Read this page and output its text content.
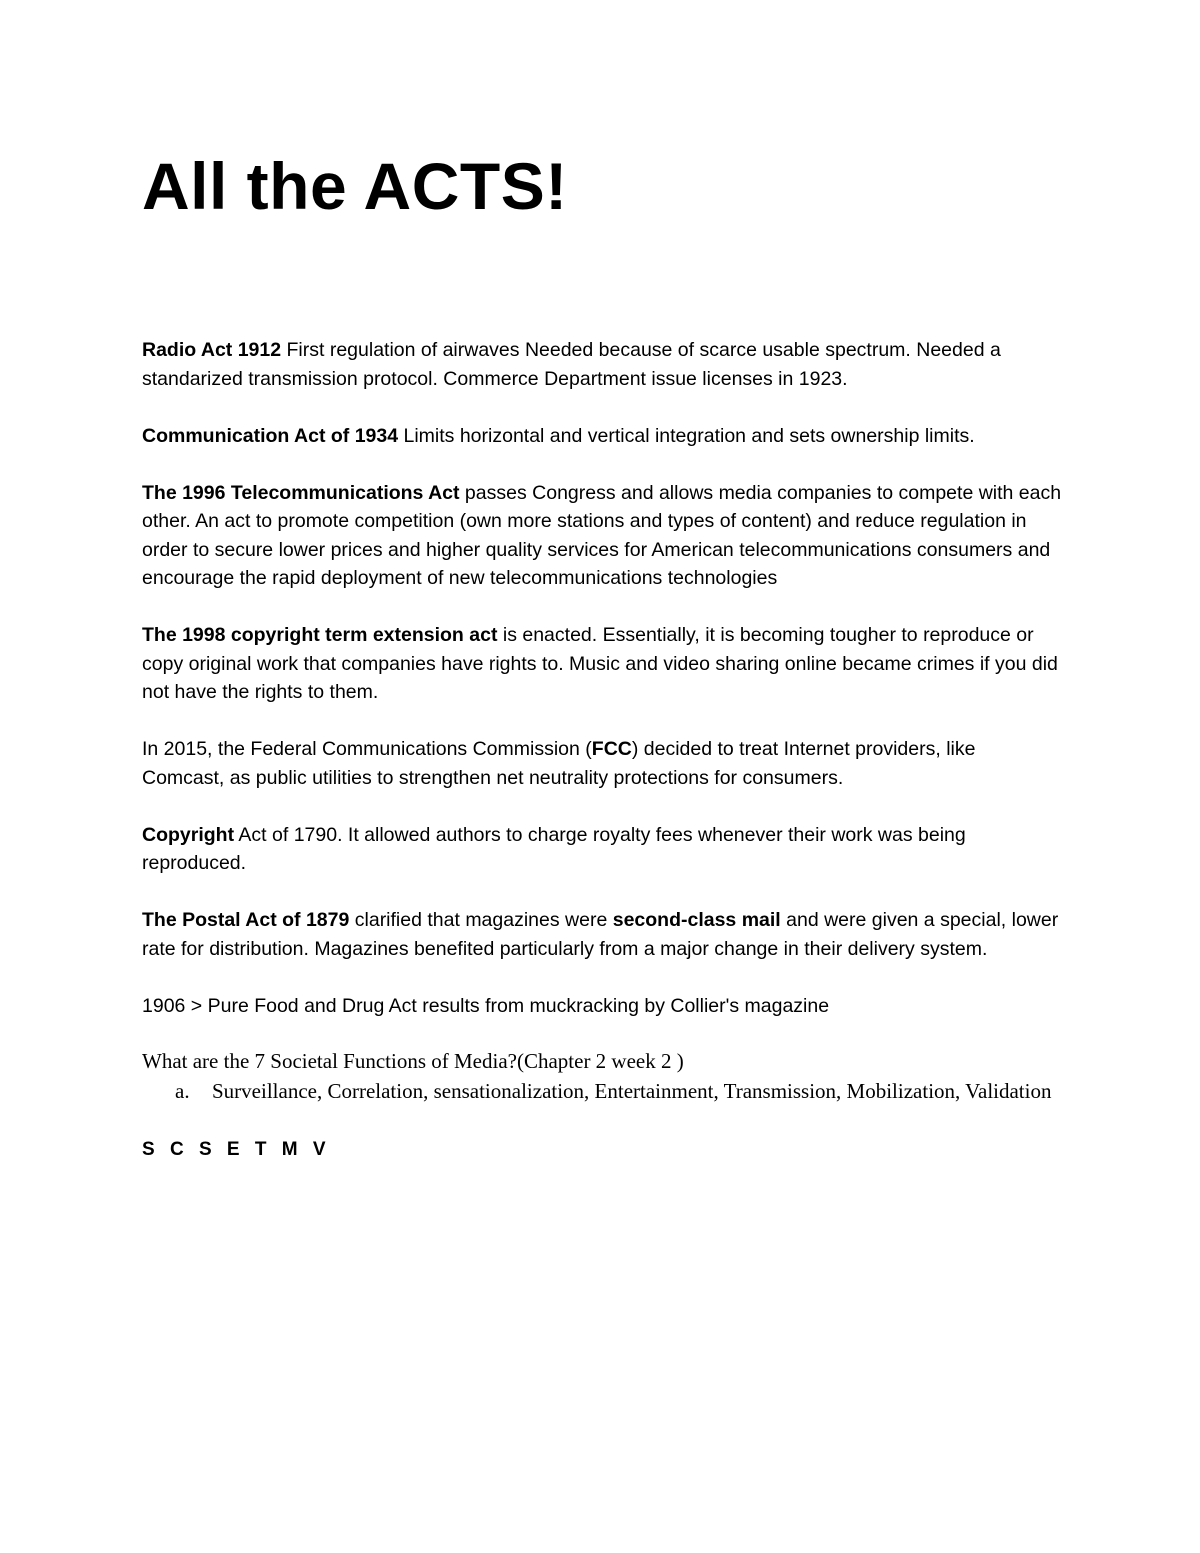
All the ACTS!

Radio Act 1912 First regulation of airwaves Needed because of scarce usable spectrum. Needed a standarized transmission protocol. Commerce Department issue licenses in 1923.

Communication Act of 1934 Limits horizontal and vertical integration and sets ownership limits.

The 1996 Telecommunications Act passes Congress and allows media companies to compete with each other. An act to promote competition (own more stations and types of content) and reduce regulation in order to secure lower prices and higher quality services for American telecommunications consumers and encourage the rapid deployment of new telecommunications technologies

The 1998 copyright term extension act is enacted. Essentially, it is becoming tougher to reproduce or copy original work that companies have rights to. Music and video sharing online became crimes if you did not have the rights to them.

In 2015, the Federal Communications Commission (FCC) decided to treat Internet providers, like Comcast, as public utilities to strengthen net neutrality protections for consumers.

Copyright Act of 1790. It allowed authors to charge royalty fees whenever their work was being reproduced.

The Postal Act of 1879 clarified that magazines were second-class mail and were given a special, lower rate for distribution. Magazines benefited particularly from a major change in their delivery system.

1906 > Pure Food and Drug Act results from muckracking by Collier's magazine

What are the 7 Societal Functions of Media?(Chapter 2 week 2 )

a. Surveillance, Correlation, sensationalization, Entertainment, Transmission, Mobilization, Validation

S C S E T M V
